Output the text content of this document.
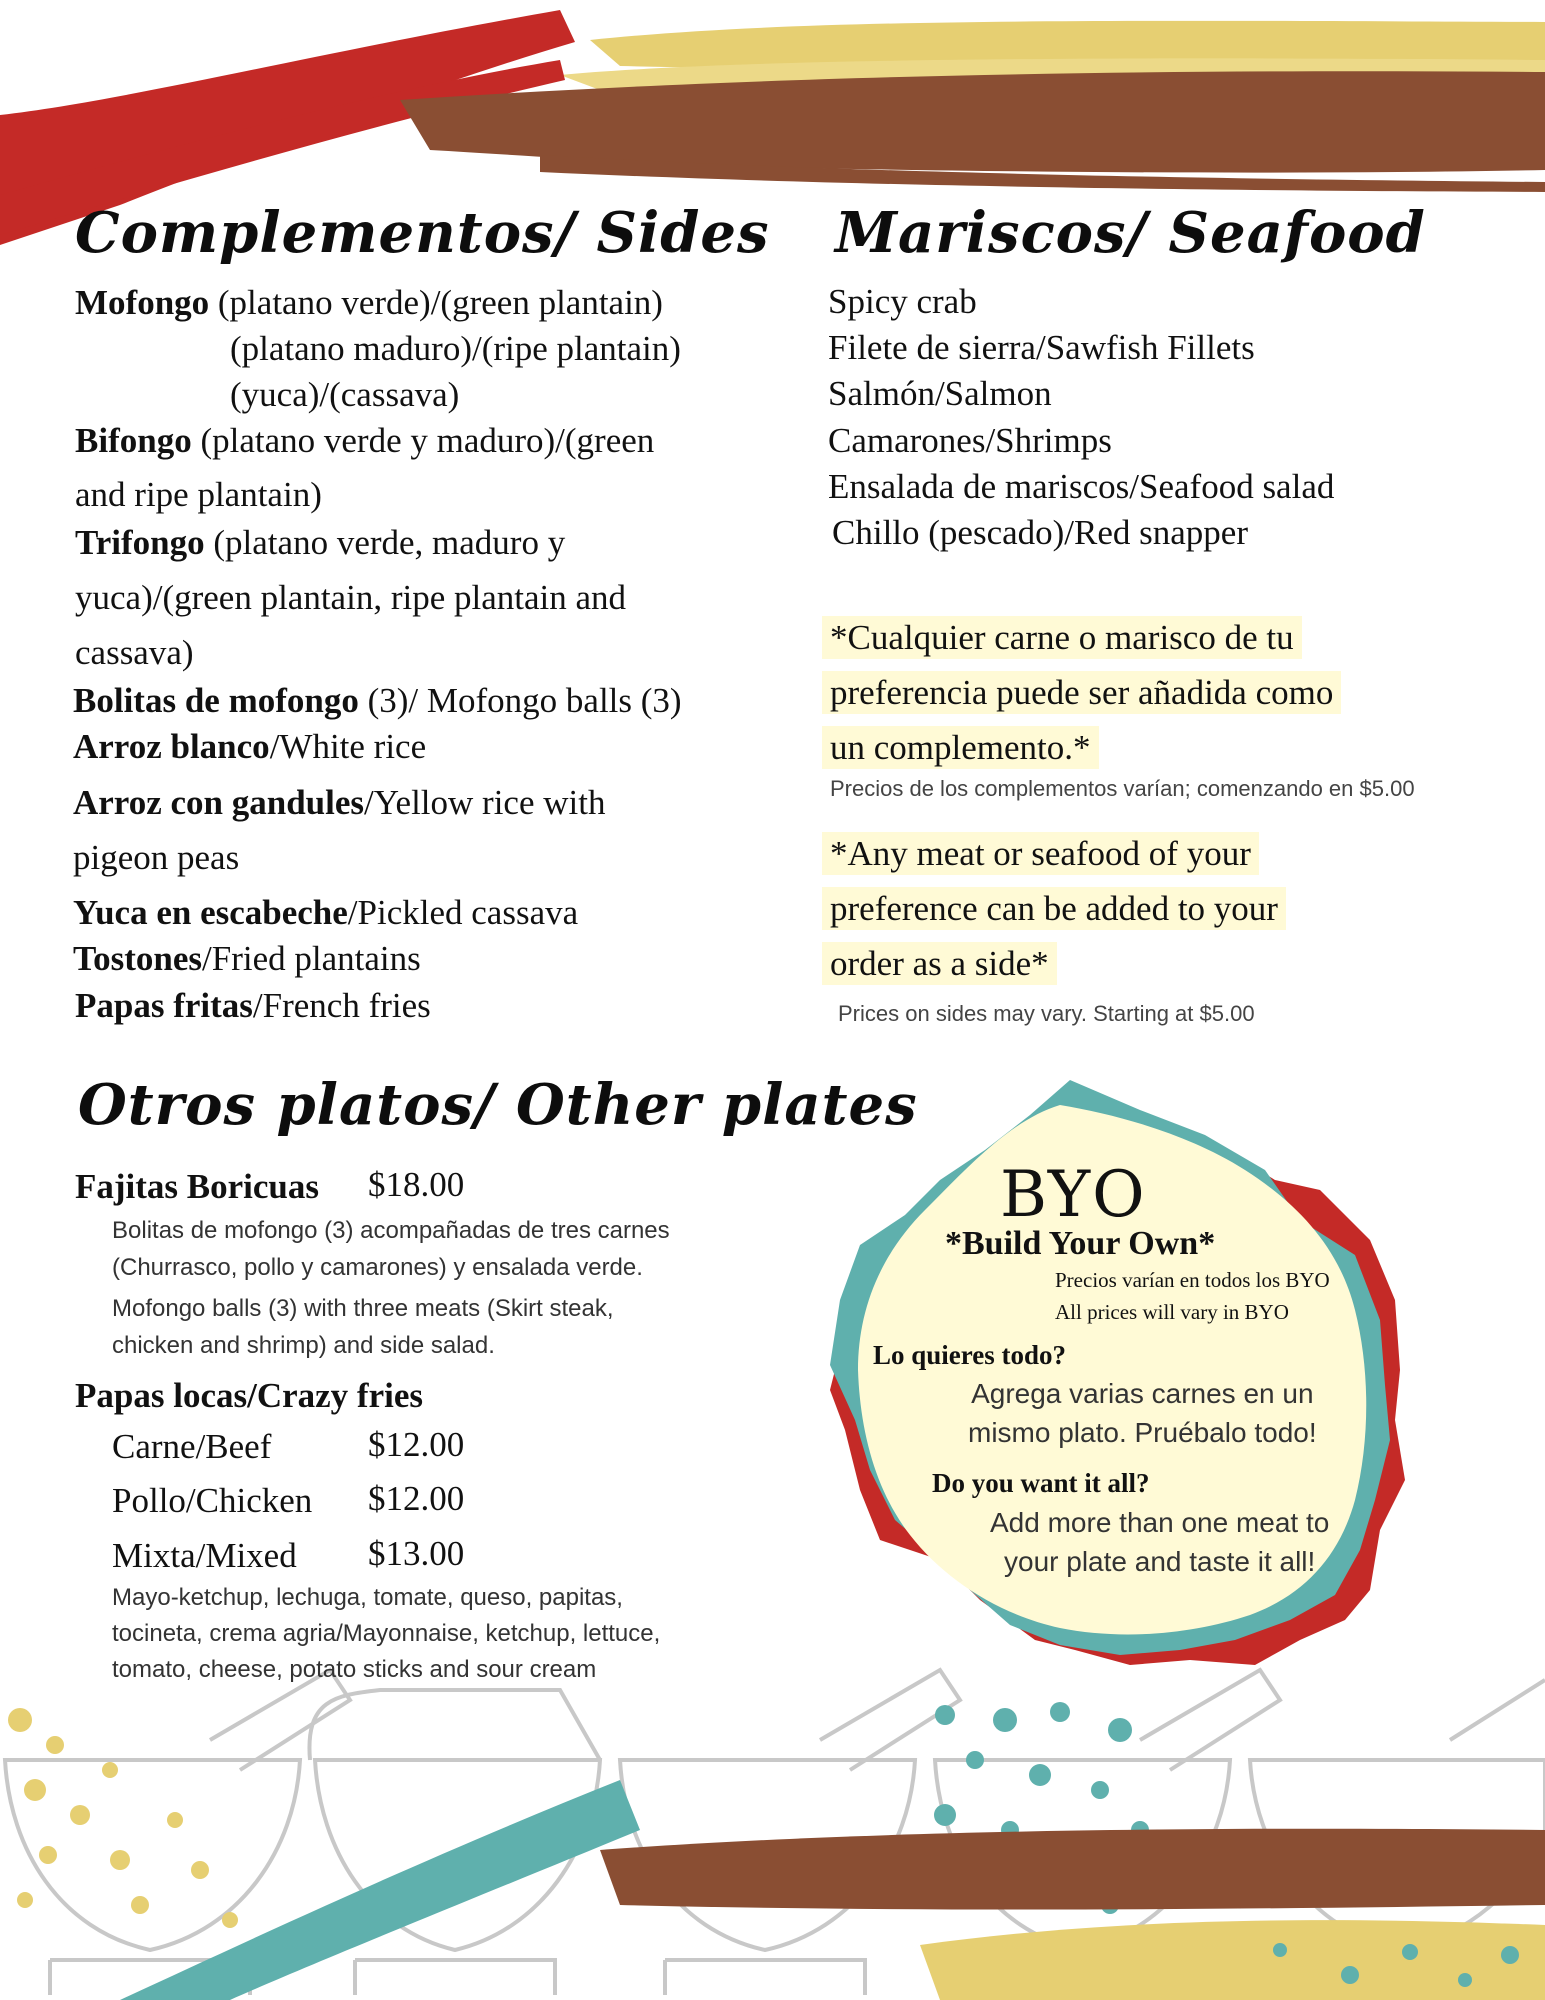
Complementos/ Sides
Mofongo (platano verde)/(green plantain)
(platano maduro)/(ripe plantain)
(yuca)/(cassava)
Bifongo (platano verde y maduro)/(green
and ripe plantain)
Trifongo (platano verde, maduro y
yuca)/(green plantain, ripe plantain and
cassava)
Bolitas de mofongo (3)/ Mofongo balls (3)
Arroz blanco/White rice
Arroz con gandules/Yellow rice with
pigeon peas
Yuca en escabeche/Pickled cassava
Tostones/Fried plantains
Papas fritas/French fries
Mariscos/ Seafood
Spicy crab
Filete de sierra/Sawfish Fillets
Salmón/Salmon
Camarones/Shrimps
Ensalada de mariscos/Seafood salad
Chillo (pescado)/Red snapper
*Cualquier carne o marisco de tu
preferencia puede ser añadida como
un complemento.*
Precios de los complementos varían; comenzando en $5.00
*Any meat or seafood of your
preference can be added to your
order as a side*
Prices on sides may vary. Starting at $5.00
Otros platos/ Other plates
Fajitas Boricuas $18.00
Bolitas de mofongo (3) acompañadas de tres carnes
(Churrasco, pollo y camarones) y ensalada verde.
Mofongo balls (3) with three meats (Skirt steak,
chicken and shrimp) and side salad.
Papas locas/Crazy fries
Carne/Beef	$12.00
Pollo/Chicken $12.00
Mixta/Mixed $13.00
Mayo-ketchup, lechuga, tomate, queso, papitas,
tocineta, crema agria/Mayonnaise, ketchup, lettuce,
tomato, cheese, potato sticks and sour cream
BYO
*Build Your Own*
Precios varían en todos los BYO
All prices will vary in BYO
Lo quieres todo?
Agrega varias carnes en un
mismo plato. Pruébalo todo!
Do you want it all?
Add more than one meat to
your plate and taste it all!
